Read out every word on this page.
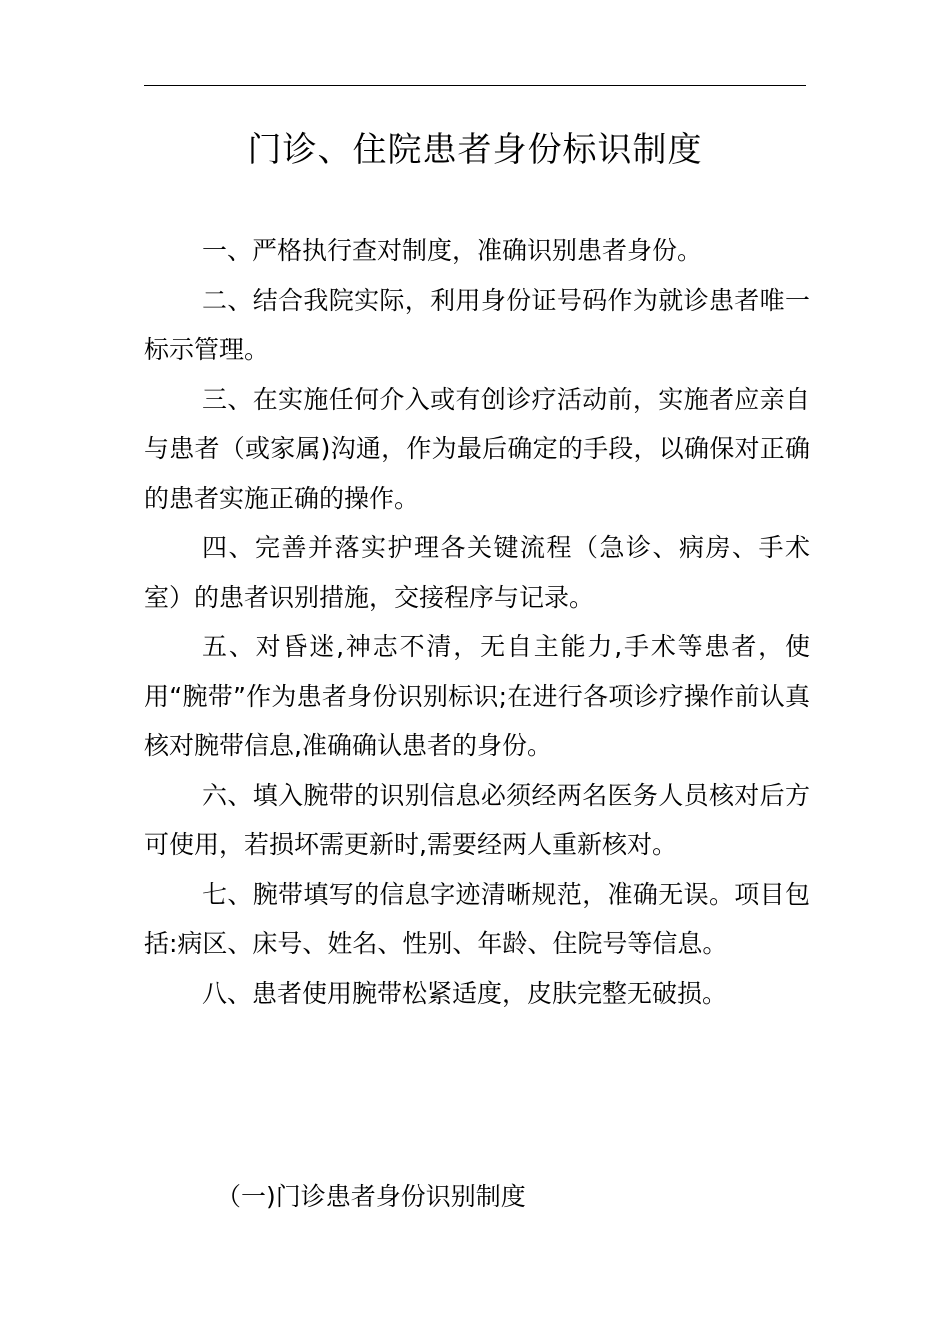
门诊、住院患者身份标识制度

一、严格执行查对制度，准确识别患者身份。

二、结合我院实际，利用身份证号码作为就诊患者唯一标示管理。

三、在实施任何介入或有创诊疗活动前，实施者应亲自与患者（或家属)沟通，作为最后确定的手段，以确保对正确的患者实施正确的操作。

四、完善并落实护理各关键流程（急诊、病房、手术室）的患者识别措施，交接程序与记录。

五、对昏迷,神志不清，无自主能力,手术等患者，使用“腕带”作为患者身份识别标识;在进行各项诊疗操作前认真核对腕带信息,准确确认患者的身份。

六、填入腕带的识别信息必须经两名医务人员核对后方可使用，若损坏需更新时,需要经两人重新核对。

七、腕带填写的信息字迹清晰规范，准确无误。项目包括:病区、床号、姓名、性别、年龄、住院号等信息。

八、患者使用腕带松紧适度，皮肤完整无破损。

（一)门诊患者身份识别制度
